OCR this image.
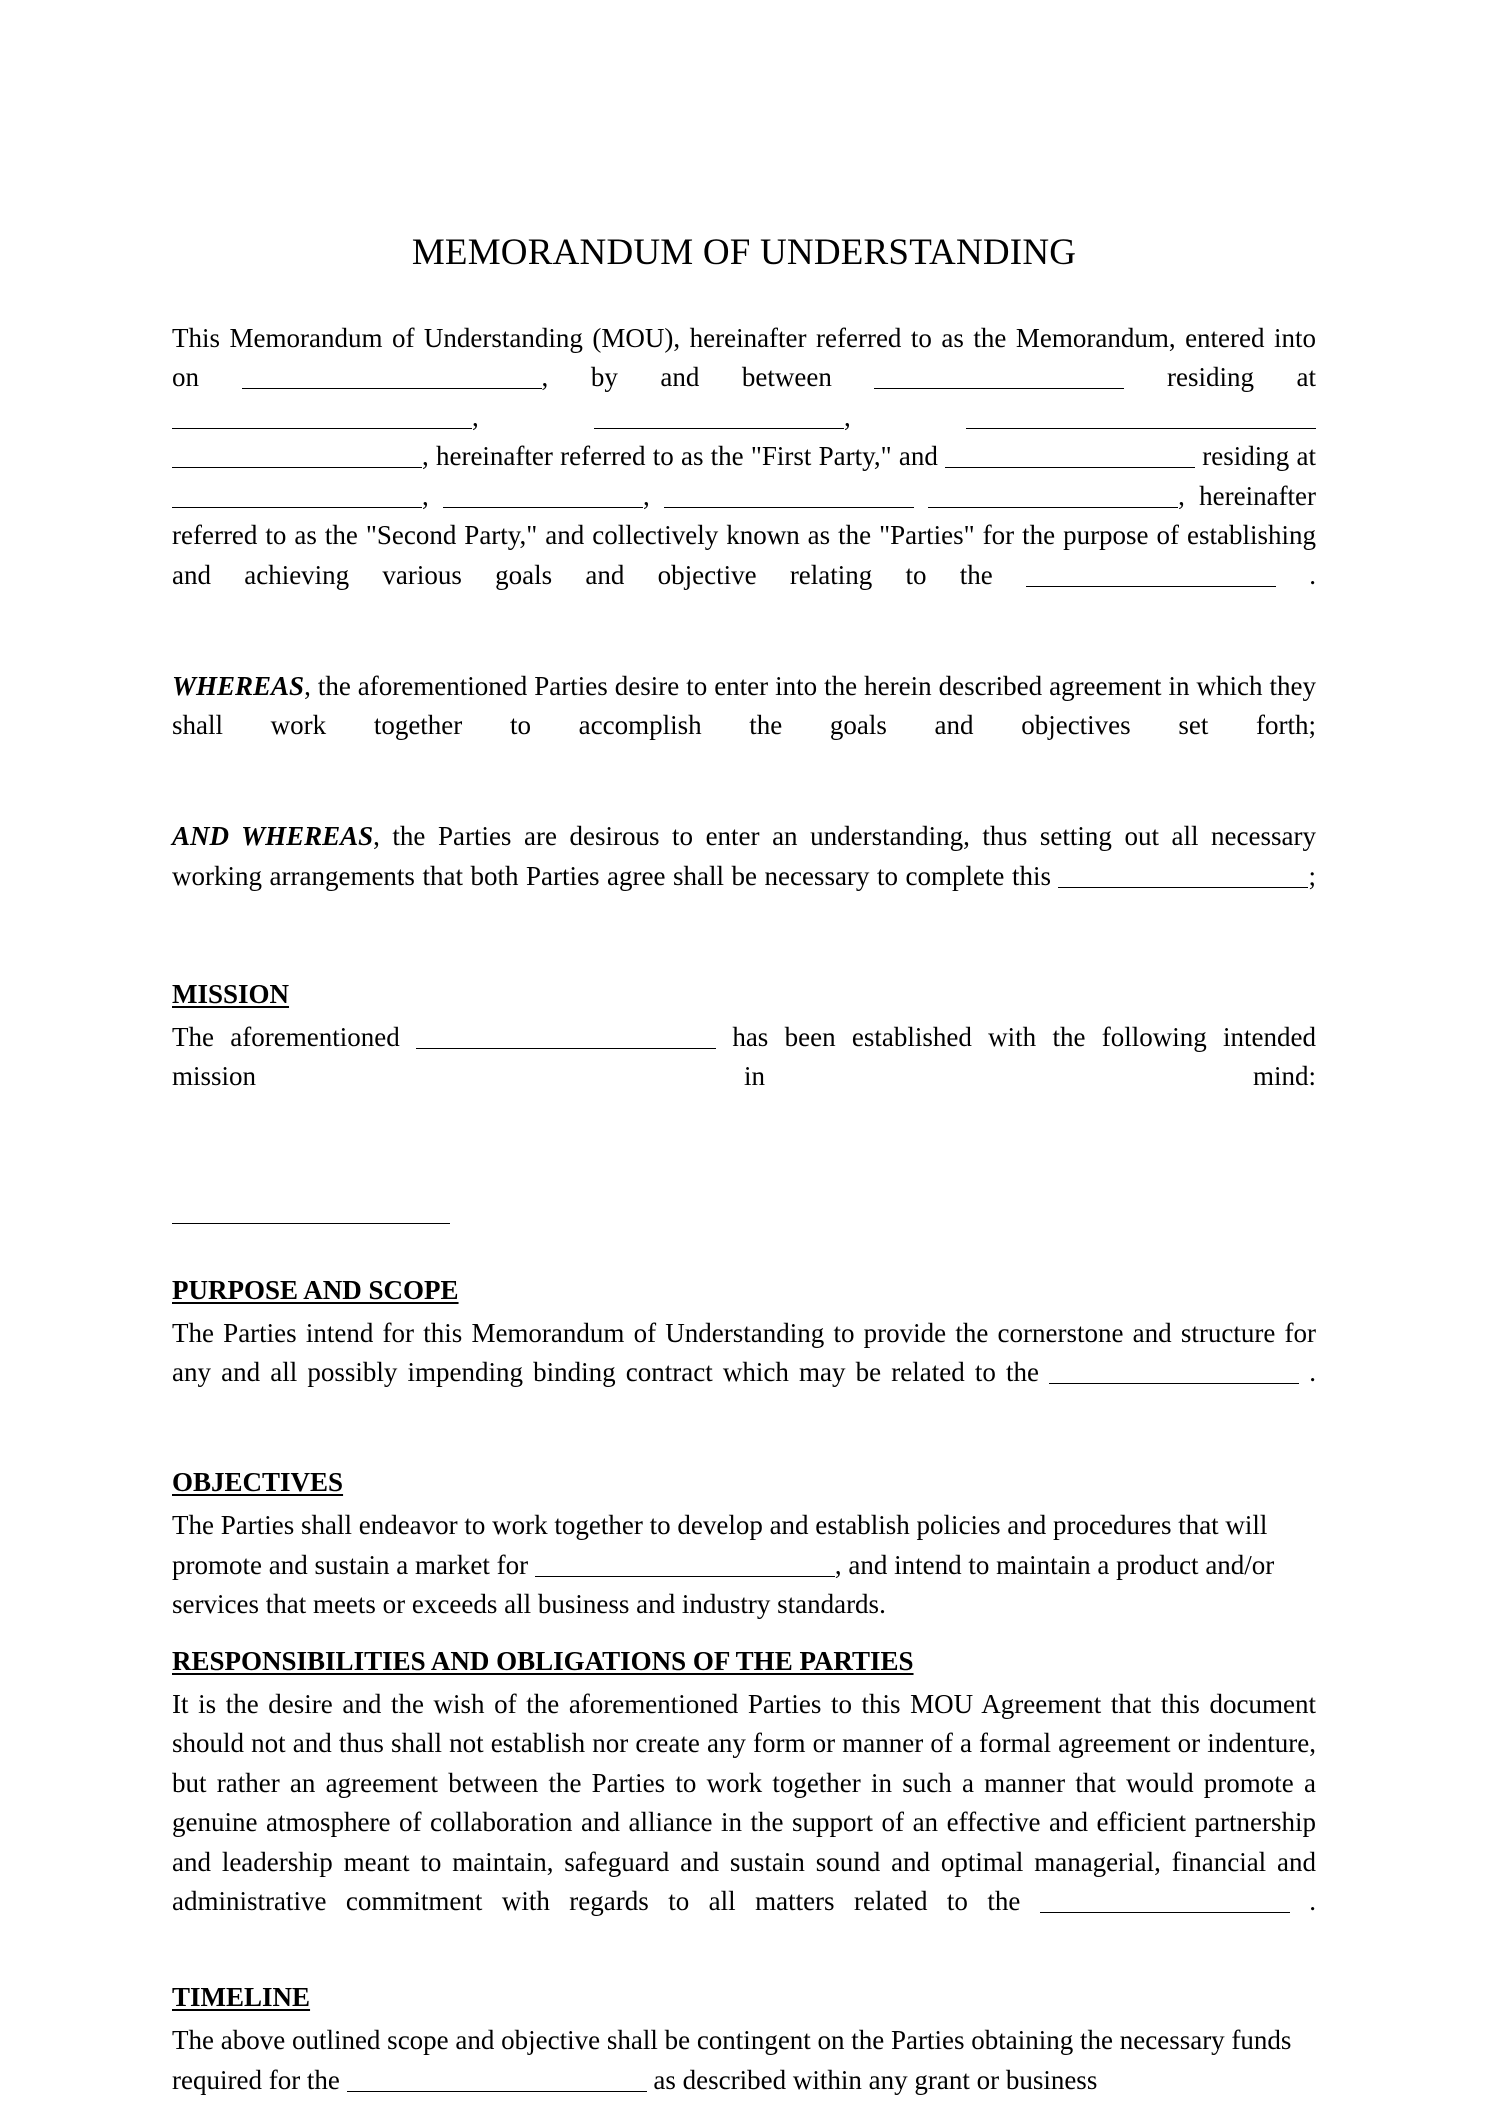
MEMORANDUM OF UNDERSTANDING

This Memorandum of Understanding (MOU), hereinafter referred to as the Memorandum, entered into on	, by and between	residing at ,	,  , hereinafter referred to as the "First Party," and	residing at ,	,	, hereinafter referred to as the "Second Party," and collectively known as the "Parties" for the purpose of establishing and achieving various goals and objective relating to the	.

WHEREAS, the aforementioned Parties desire to enter into the herein described agreement in which they shall work together to accomplish the goals and objectives set forth;

AND WHEREAS, the Parties are desirous to enter an understanding, thus setting out all necessary working arrangements that both Parties agree shall be necessary to complete this	;

MISSION

The aforementioned	has been established with the following intended mission in mind:

PURPOSE AND SCOPE

The Parties intend for this Memorandum of Understanding to provide the cornerstone and structure for any and all possibly impending binding contract which may be related to the	.

OBJECTIVES

The Parties shall endeavor to work together to develop and establish policies and procedures that will promote and sustain a market for	, and intend to maintain a product and/or services that meets or exceeds all business and industry standards.

RESPONSIBILITIES AND OBLIGATIONS OF THE PARTIES

It is the desire and the wish of the aforementioned Parties to this MOU Agreement that this document should not and thus shall not establish nor create any form or manner of a formal agreement or indenture, but rather an agreement between the Parties to work together in such a manner that would promote a genuine atmosphere of collaboration and alliance in the support of an effective and efficient partnership and leadership meant to maintain, safeguard and sustain sound and optimal managerial, financial and administrative commitment with regards to all matters related to the	.

TIMELINE

The above outlined scope and objective shall be contingent on the Parties obtaining the necessary funds required for the	as described within any grant or business
